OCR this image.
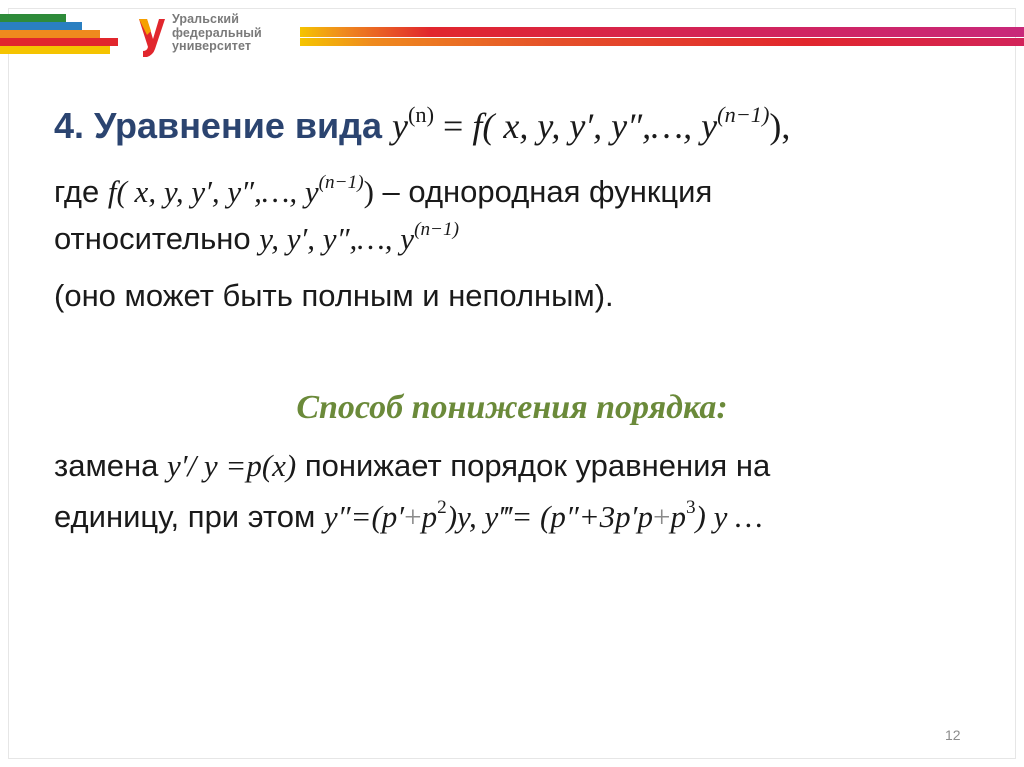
Уральский
федеральный
университет
4. Уравнение вида $y^{(n)} = f$( x, y, y′, y″,…, $y^{(n-1)}$),
где f( x, y, y′, y″,…, $y^{(n-1)}$) – однородная функция
относительно y, y′, y″,…, $y^{(n-1)}$
(оно может быть полным и неполным).
Способ понижения порядка:
замена y′/ y =p(x) понижает порядок уравнения на
единицу, при этом $y''=(p'+p^2)y$, y‴= $(p''+3p'p+p^3)$ y …
12
